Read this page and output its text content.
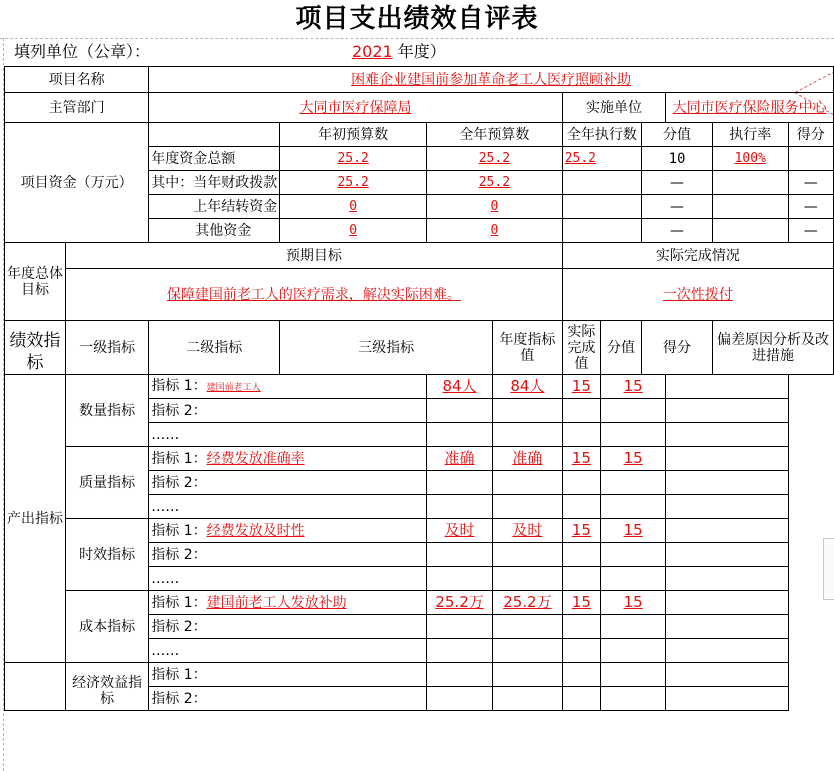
项目支出绩效自评表
填列单位（公章）：	2021 年度）
项目名称		困难企业建国前参加革命老工人医疗照顾补助									
主管部门		大同市医疗保障局				实施单位			大同市医疗保险服务中心		
项目资金（万元）			年初预算数	全年预算数		全年执行数		分值		执行率	得分
		年度资金总额	25.2	25.2		25.2		10		100%	
		其中：当年财政拨款	25.2	25.2				—			—
		上年结转资金	0	0				—			—
		其他资金	0	0				—			—
年度总体目标	预期目标					实际完成情况					
	保障建国前老工人的医疗需求，解决实际困难。					一次性拨付					
绩效指标	一级指标	二级指标	三级指标		年度指标值	实际完成值	分值	得分		偏差原因分析及改进措施	
产出指标	数量指标	指标 1：建国前老工人		84人	84人	15	15				
		指标 2：									
		……									
	质量指标	指标 1：经费发放准确率		准确	准确	15	15				
		指标 2：									
		……									
	时效指标	指标 1：经费发放及时性		及时	及时	15	15				
		指标 2：									
		……									
	成本指标	指标 1：建国前老工人发放补助		25.2万	25.2万	15	15				
		指标 2：									
		……									
	经济效益指标	指标 1：									
		指标 2：									
